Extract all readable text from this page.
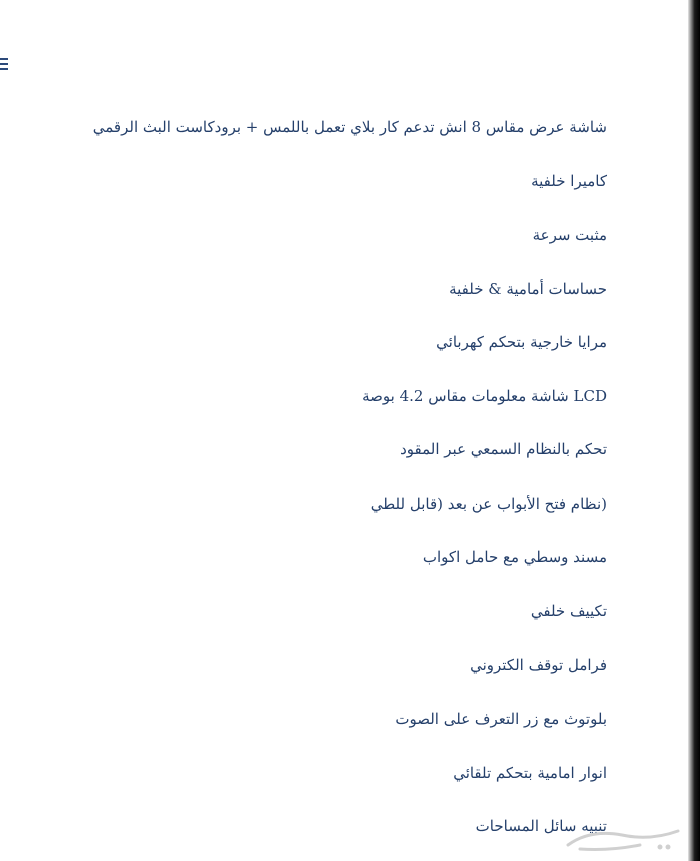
شاشة عرض مقاس 8 انش تدعم كار بلاي تعمل باللمس + برودكاست البث الرقمي
كاميرا خلفية
مثبت سرعة
حساسات أمامية & خلفية
مرايا خارجية بتحكم كهربائي
LCD شاشة معلومات مقاس 4.2 بوصة
تحكم بالنظام السمعي عبر المقود
(نظام فتح الأبواب عن بعد (قابل للطي
مسند وسطي مع حامل اكواب
تكييف خلفي
فرامل توقف الكتروني
بلوتوث مع زر التعرف على الصوت
انوار امامية بتحكم تلقائي
تنبيه سائل المساحات
